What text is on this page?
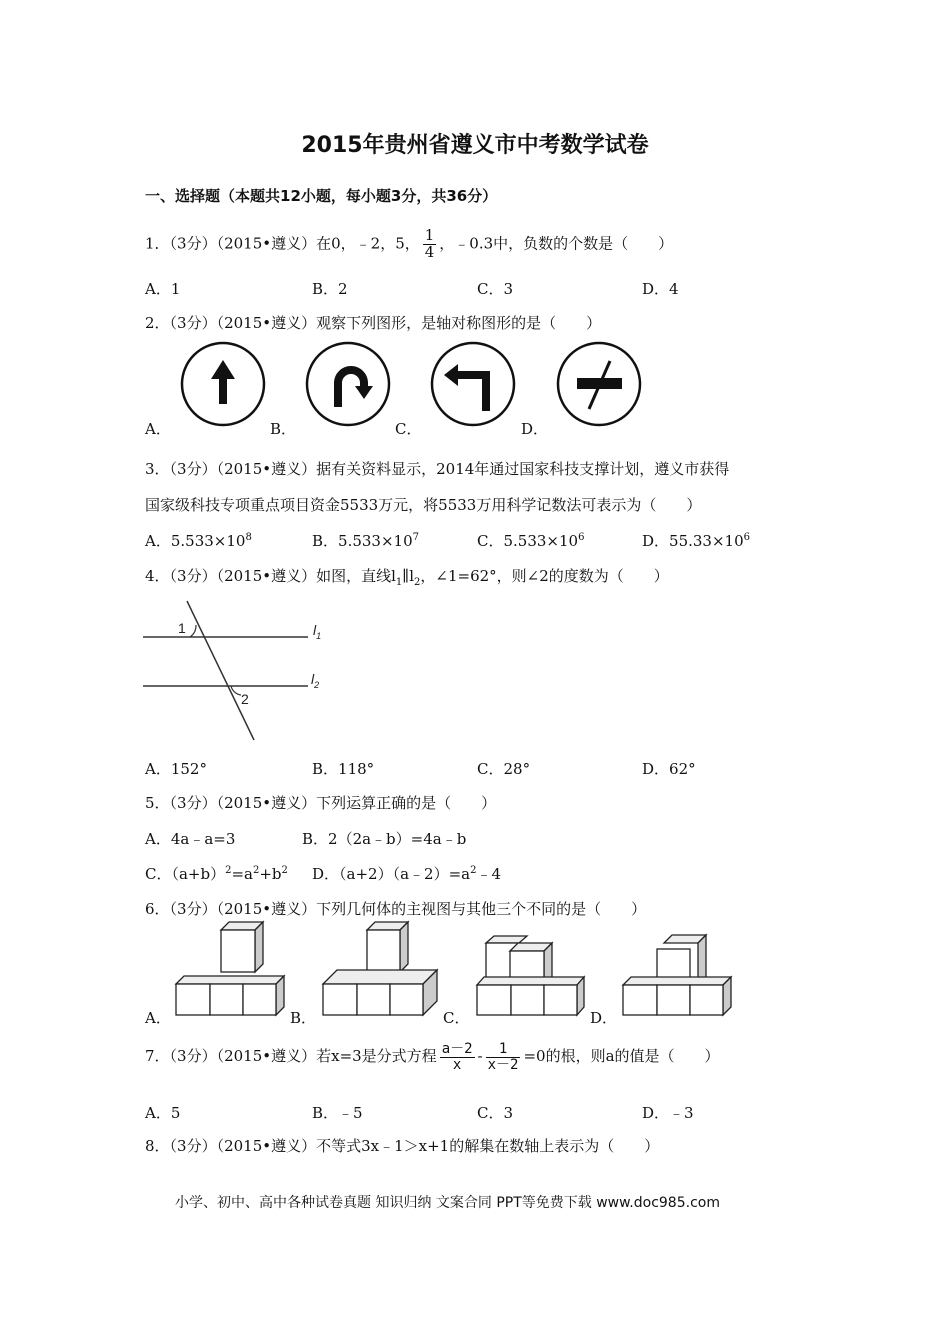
2015年贵州省遵义市中考数学试卷
一、选择题（本题共12小题，每小题3分，共36分）
1．（3分）（2015•遵义）在0，﹣2，5， $\frac{1}{4}$ ，﹣0.3中，负数的个数是（　　）
A．1	B．2	C．3	D．4
2．（3分）（2015•遵义）观察下列图形，是轴对称图形的是（　　）
A．	B．	C．	D．
3．（3分）（2015•遵义）据有关资料显示，2014年通过国家科技支撑计划，遵义市获得
国家级科技专项重点项目资金5533万元，将5533万用科学记数法可表示为（　　）
A．$5.533\times 10^8$	B．$5.533\times 10^7$	C．$5.533\times 10^6$	D．$55.33\times 10^6$
4．（3分）（2015•遵义）如图，直线$l_1\parallel l_2$，∠1=62°，则∠2的度数为（　　）
1
2
$l_1$
$l_2$
A．152°	B．118°	C．28°	D．62°
5．（3分）（2015•遵义）下列运算正确的是（　　）
A．4a﹣a=3	B．2（2a﹣b）=4a﹣b
C．$(a+b)^2=a^2+b^2$ D．$(a+2)(a﹣2)=a^2﹣4$
6．（3分）（2015•遵义）下列几何体的主视图与其他三个不同的是（　　）
A．	B．	C．	D．
7．（3分）（2015•遵义）若x=3是分式方程 $\frac{a-2}{x} - \frac{1}{x-2} =0$的根，则a的值是（　　）
A．5	B．﹣5	C．3	D．﹣3
8．（3分）（2015•遵义）不等式3x﹣1＞x+1的解集在数轴上表示为（　　）
小学、初中、高中各种试卷真题 知识归纳 文案合同 PPT等免费下载 www.doc985.com
